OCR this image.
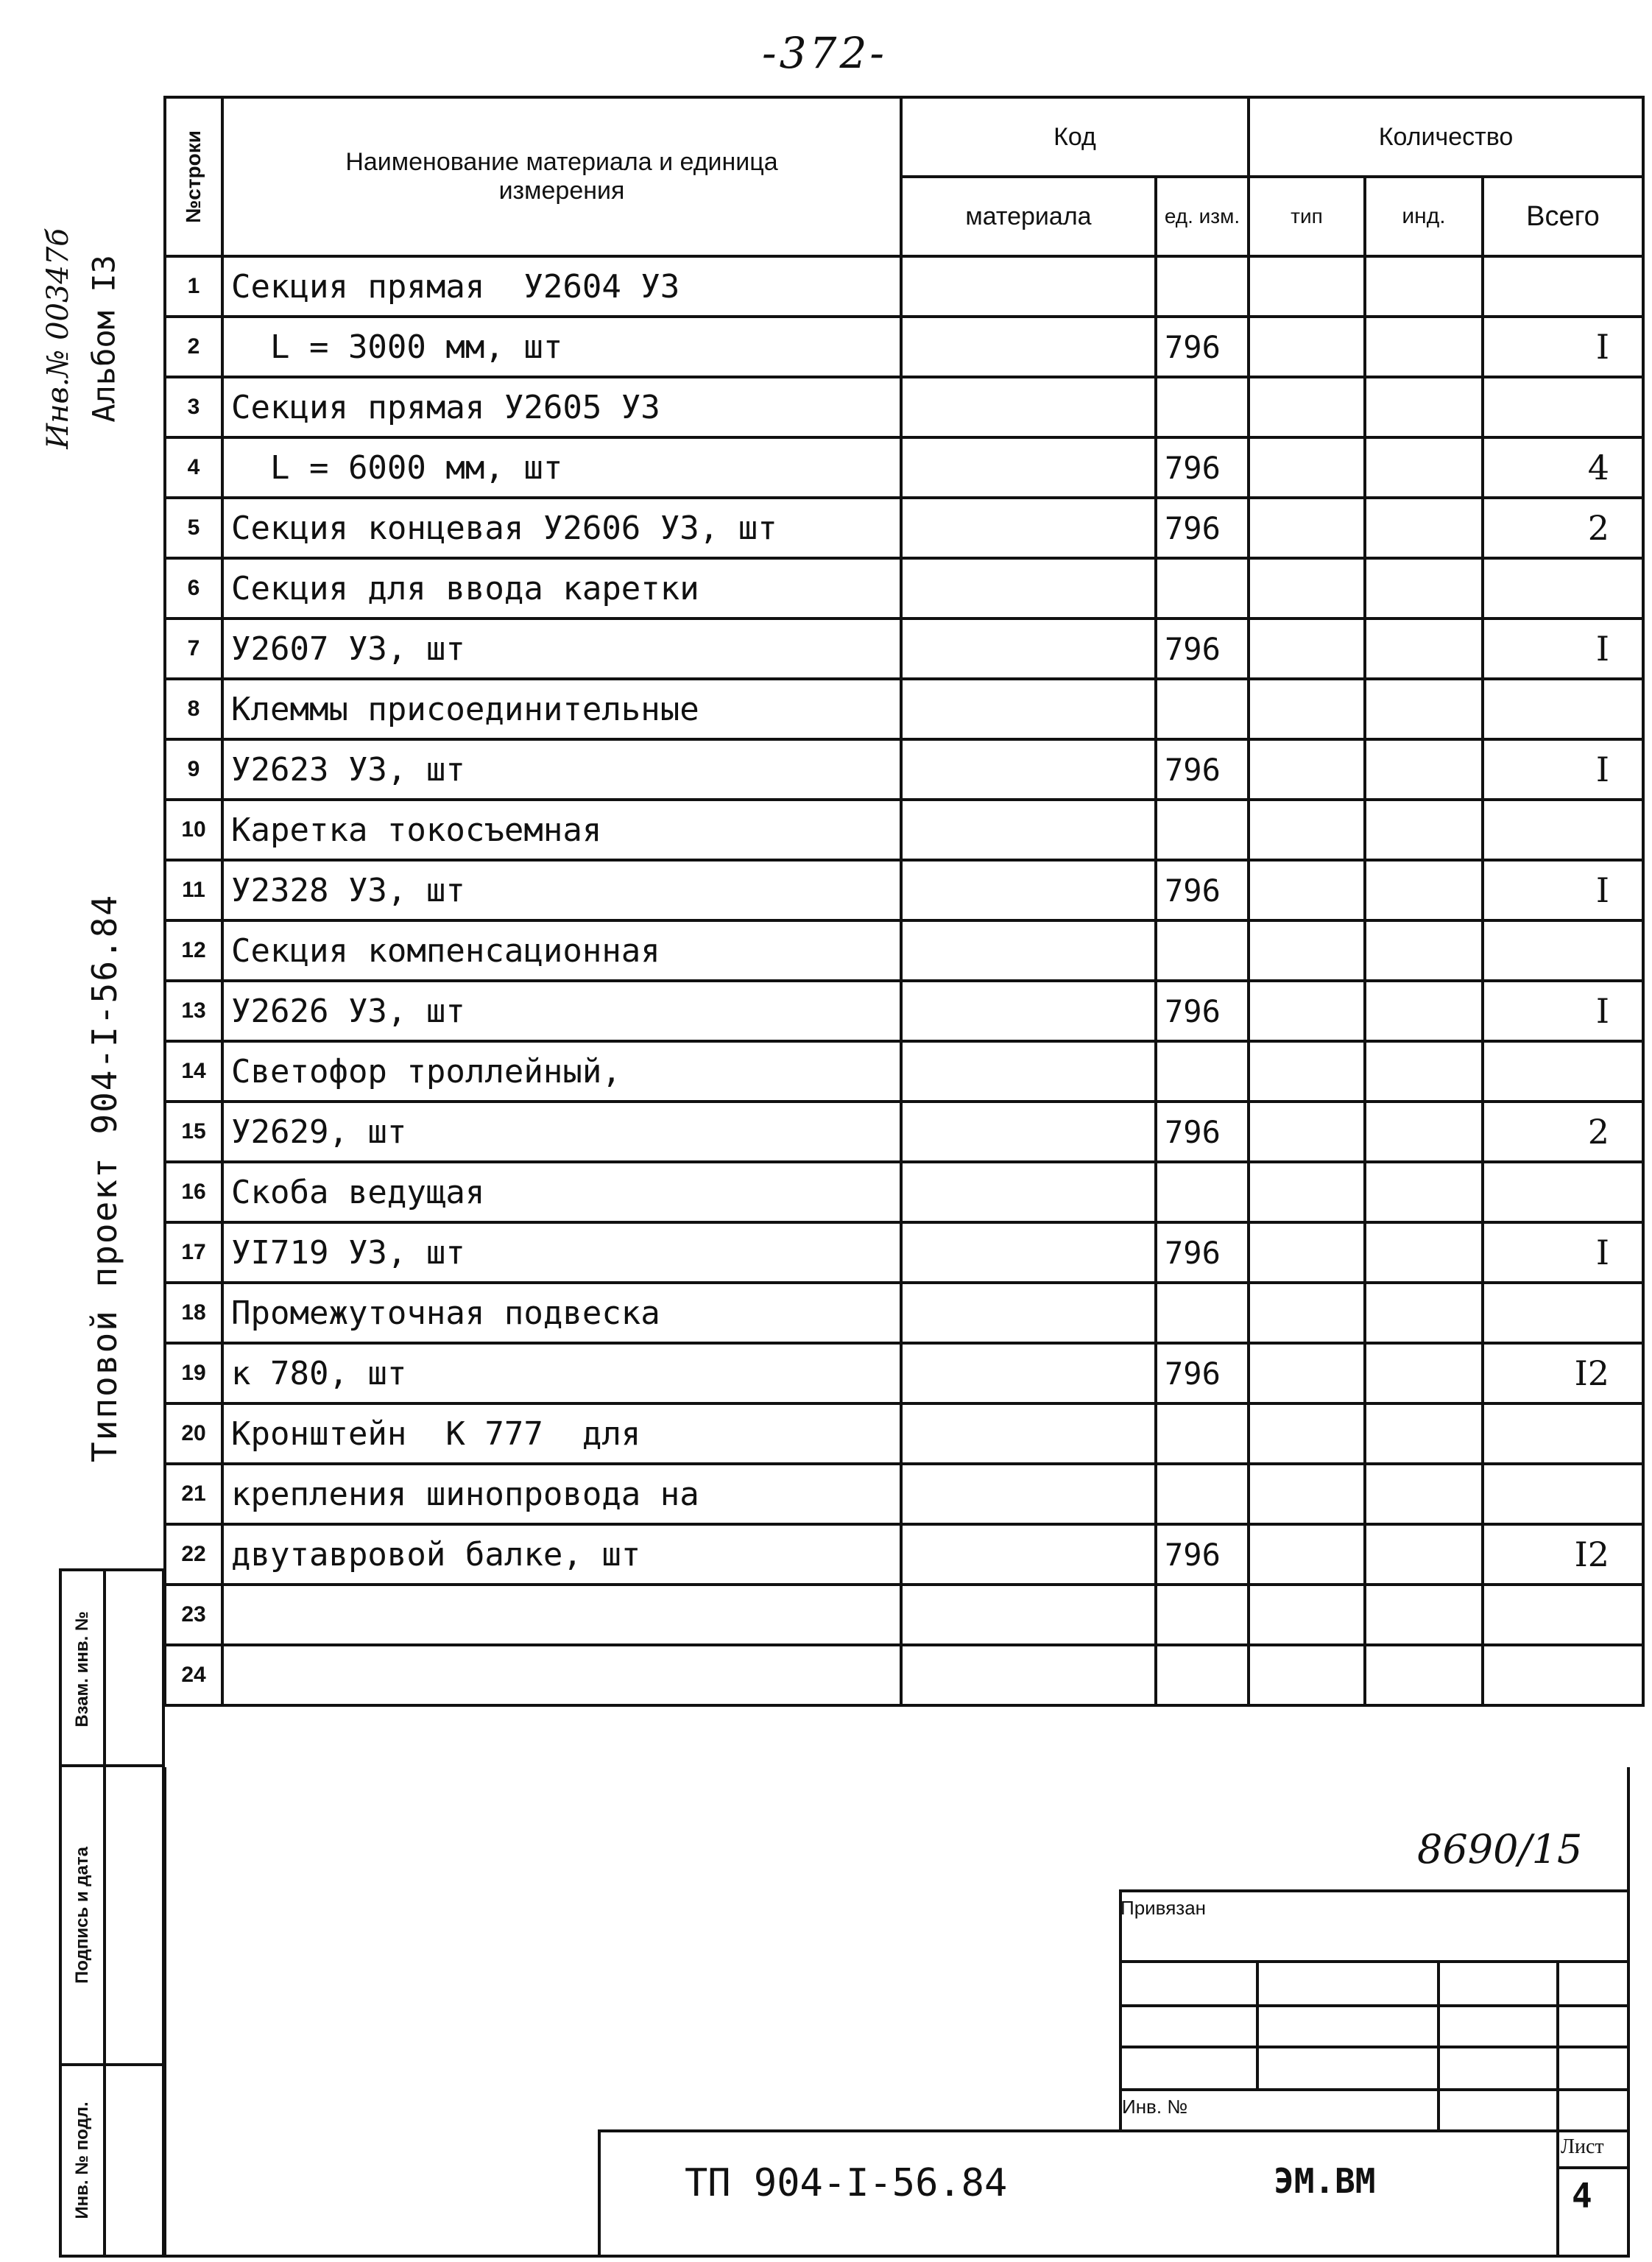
-372-
Инв.№ 00347б Альбом I3
Типовой проект 904-I-56.84
№строки	Наименование материала и единица измерения	Код		Количество		
		материала	ед. изм.	тип	инд.	Всего
1	Секция прямая  У2604 УЗ					
2	L = 3000 мм, шт		796			I
3	Секция прямая У2605 УЗ					
4	L = 6000 мм, шт		796			4
5	Секция концевая У2606 УЗ, шт		796			2
6	Секция для ввода каретки					
7	У2607 УЗ, шт		796			I
8	Клеммы присоединительные					
9	У2623 УЗ, шт		796			I
10	Каретка токосъемная					
11	У2328 УЗ, шт		796			I
12	Секция компенсационная					
13	У2626 УЗ, шт		796			I
14	Светофор троллейный,					
15	У2629, шт		796			2
16	Скоба ведущая					
17	УI719 УЗ, шт		796			I
18	Промежуточная подвеска					
19	к 780, шт		796			I2
20	Кронштейн  К 777  для					
21	крепления шинопровода на					
22	двутавровой балке, шт		796			I2
23						
24						
Взам. инв. №
Подпись и дата
Инв. № подл.
8690/15
Привязан
Инв. №
ТП 904-I-56.84	ЭМ.ВМ
Лист
4
